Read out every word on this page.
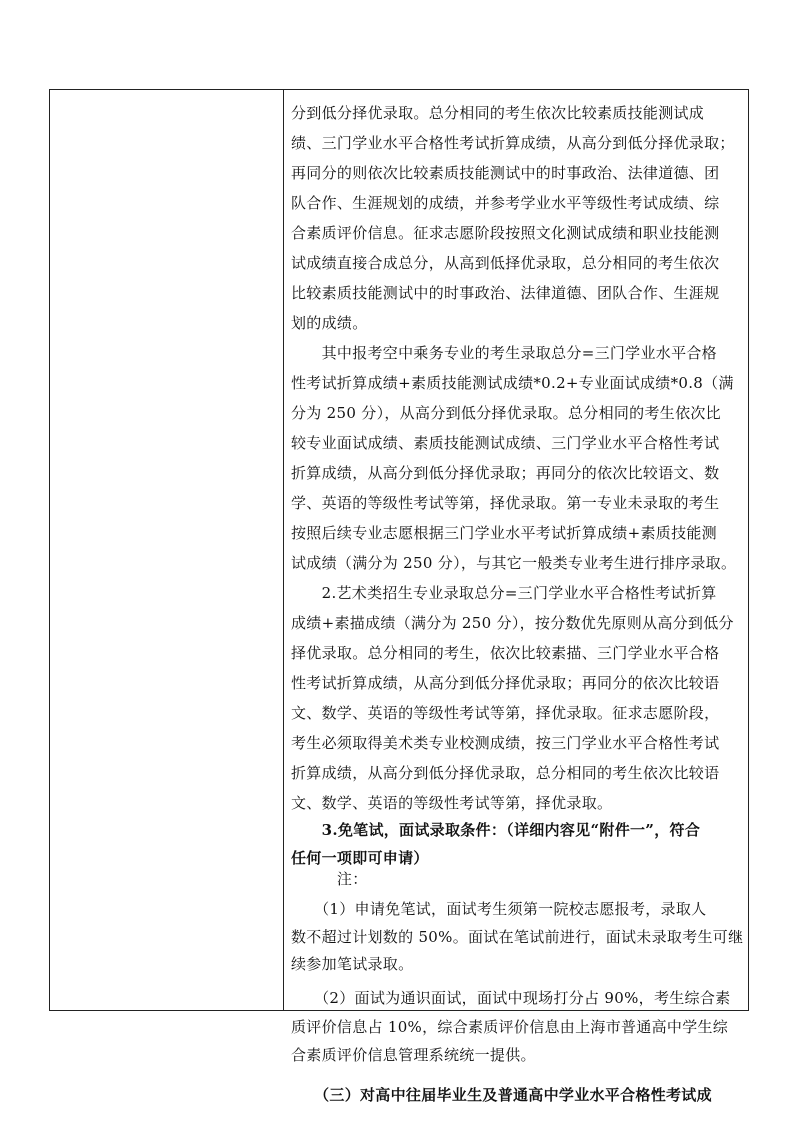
分到低分择优录取。总分相同的考生依次比较素质技能测试成
绩、三门学业水平合格性考试折算成绩，从高分到低分择优录取；
再同分的则依次比较素质技能测试中的时事政治、法律道德、团
队合作、生涯规划的成绩，并参考学业水平等级性考试成绩、综
合素质评价信息。征求志愿阶段按照文化测试成绩和职业技能测
试成绩直接合成总分，从高到低择优录取，总分相同的考生依次
比较素质技能测试中的时事政治、法律道德、团队合作、生涯规
划的成绩。

　　其中报考空中乘务专业的考生录取总分=三门学业水平合格
性考试折算成绩+素质技能测试成绩*0.2+专业面试成绩*0.8（满
分为 250 分），从高分到低分择优录取。总分相同的考生依次比
较专业面试成绩、素质技能测试成绩、三门学业水平合格性考试
折算成绩，从高分到低分择优录取；再同分的依次比较语文、数
学、英语的等级性考试等第，择优录取。第一专业未录取的考生
按照后续专业志愿根据三门学业水平考试折算成绩+素质技能测
试成绩（满分为 250 分），与其它一般类专业考生进行排序录取。

　　2.艺术类招生专业录取总分=三门学业水平合格性考试折算
成绩+素描成绩（满分为 250 分），按分数优先原则从高分到低分
择优录取。总分相同的考生，依次比较素描、三门学业水平合格
性考试折算成绩，从高分到低分择优录取；再同分的依次比较语
文、数学、英语的等级性考试等第，择优录取。征求志愿阶段，
考生必须取得美术类专业校测成绩，按三门学业水平合格性考试
折算成绩，从高分到低分择优录取，总分相同的考生依次比较语
文、数学、英语的等级性考试等第，择优录取。

　　3.免笔试，面试录取条件：（详细内容见“附件一”，符合
任何一项即可申请）

　　　注：

　　（1）申请免笔试，面试考生须第一院校志愿报考，录取人
数不超过计划数的 50%。面试在笔试前进行，面试未录取考生可继
续参加笔试录取。

　　（2）面试为通识面试，面试中现场打分占 90%，考生综合素
质评价信息占 10%，综合素质评价信息由上海市普通高中学生综
合素质评价信息管理系统统一提供。

　　（三）对高中往届毕业生及普通高中学业水平合格性考试成
